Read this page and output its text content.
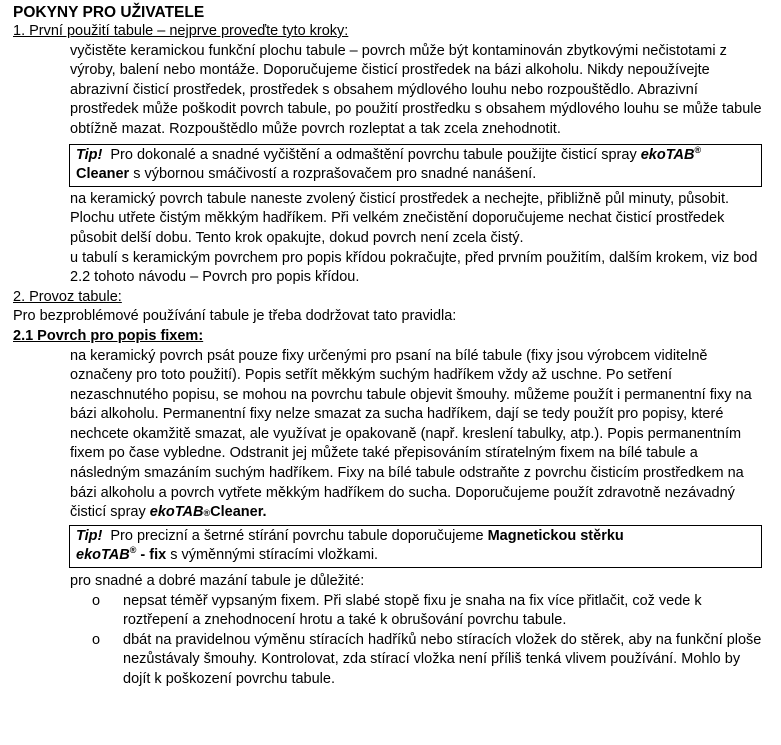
POKYNY PRO UŽIVATELE
1. První použití tabule – nejprve proveďte tyto kroky:

vyčistěte keramickou funkční plochu tabule – povrch může být kontaminován zbytkovými nečistotami z výroby, balení nebo montáže. Doporučujeme čisticí prostředek na bázi alkoholu. Nikdy nepoužívejte abrazivní čisticí prostředek, prostředek s obsahem mýdlového louhu nebo rozpouštědlo. Abrazivní prostředek může poškodit povrch tabule, po použití prostředku s obsahem mýdlového louhu se může tabule obtížně mazat. Rozpouštědlo může povrch rozleptat a tak zcela znehodnotit.

Tip! Pro dokonalé a snadné vyčištění a odmaštění povrchu tabule použijte čisticí spray ekoTAB® Cleaner s výbornou smáčivostí a rozprašovačem pro snadné nanášení.

na keramický povrch tabule naneste zvolený čisticí prostředek a nechejte, přibližně půl minuty, působit. Plochu utřete čistým měkkým hadříkem. Při velkém znečistění doporučujeme nechat čisticí prostředek působit delší dobu. Tento krok opakujte, dokud povrch není zcela čistý.

u tabulí s keramickým povrchem pro popis křídou pokračujte, před prvním použitím, dalším krokem, viz bod 2.2 tohoto návodu – Povrch pro popis křídou.

2. Provoz tabule:
Pro bezproblémové používání tabule je třeba dodržovat tato pravidla:
2.1 Povrch pro popis fixem:

na keramický povrch psát pouze fixy určenými pro psaní na bílé tabule (fixy jsou výrobcem viditelně označeny pro toto použití). Popis setřít měkkým suchým hadříkem vždy až uschne. Po setření nezaschnutého popisu, se mohou na povrchu tabule objevit šmouhy. můžeme použít i permanentní fixy na bázi alkoholu. Permanentní fixy nelze smazat za sucha hadříkem, dají se tedy použít pro popisy, které nechcete okamžitě smazat, ale využívat je opakovaně (např. kreslení tabulky, atp.). Popis permanentním fixem po čase vybledne. Odstranit jej můžete také přepisováním stíratelným fixem na bílé tabule a následným smazáním suchým hadříkem. Fixy na bílé tabule odstraňte z povrchu čisticím prostředkem na bázi alkoholu a povrch vytřete měkkým hadříkem do sucha. Doporučujeme použít zdravotně nezávadný čisticí spray ekoTAB®Cleaner.

Tip! Pro precizní a šetrné stírání povrchu tabule doporučujeme Magnetickou stěrku
ekoTAB® - fix s výměnnými stíracími vložkami.

pro snadné a dobré mazání tabule je důležité:

o nepsat téměř vypsaným fixem. Při slabé stopě fixu je snaha na fix více přitlačit, což vede k roztřepení a znehodnocení hrotu a také k obrušování povrchu tabule.
o dbát na pravidelnou výměnu stíracích hadříků nebo stíracích vložek do stěrek, aby na funkční ploše nezůstávaly šmouhy. Kontrolovat, zda stírací vložka není příliš tenká vlivem používání. Mohlo by dojít k poškození povrchu tabule.
